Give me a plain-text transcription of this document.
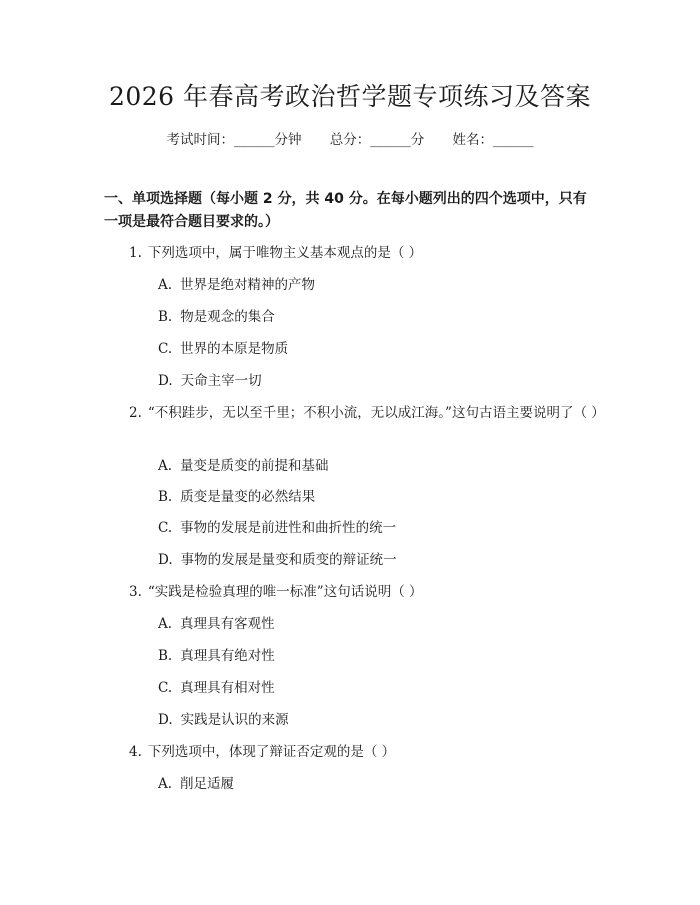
2026 年春高考政治哲学题专项练习及答案
考试时间：______分钟 总分：______分 姓名：______
一、单项选择题（每小题 2 分，共 40 分。在每小题列出的四个选项中，只有一项是最符合题目要求的。）
1. 下列选项中，属于唯物主义基本观点的是（ ）
A. 世界是绝对精神的产物
B. 物是观念的集合
C. 世界的本原是物质
D. 天命主宰一切
2. “不积跬步，无以至千里；不积小流，无以成江海。”这句古语主要说明了（ ）
A. 量变是质变的前提和基础
B. 质变是量变的必然结果
C. 事物的发展是前进性和曲折性的统一
D. 事物的发展是量变和质变的辩证统一
3. “实践是检验真理的唯一标准”这句话说明（ ）
A. 真理具有客观性
B. 真理具有绝对性
C. 真理具有相对性
D. 实践是认识的来源
4. 下列选项中，体现了辩证否定观的是（ ）
A. 削足适履
